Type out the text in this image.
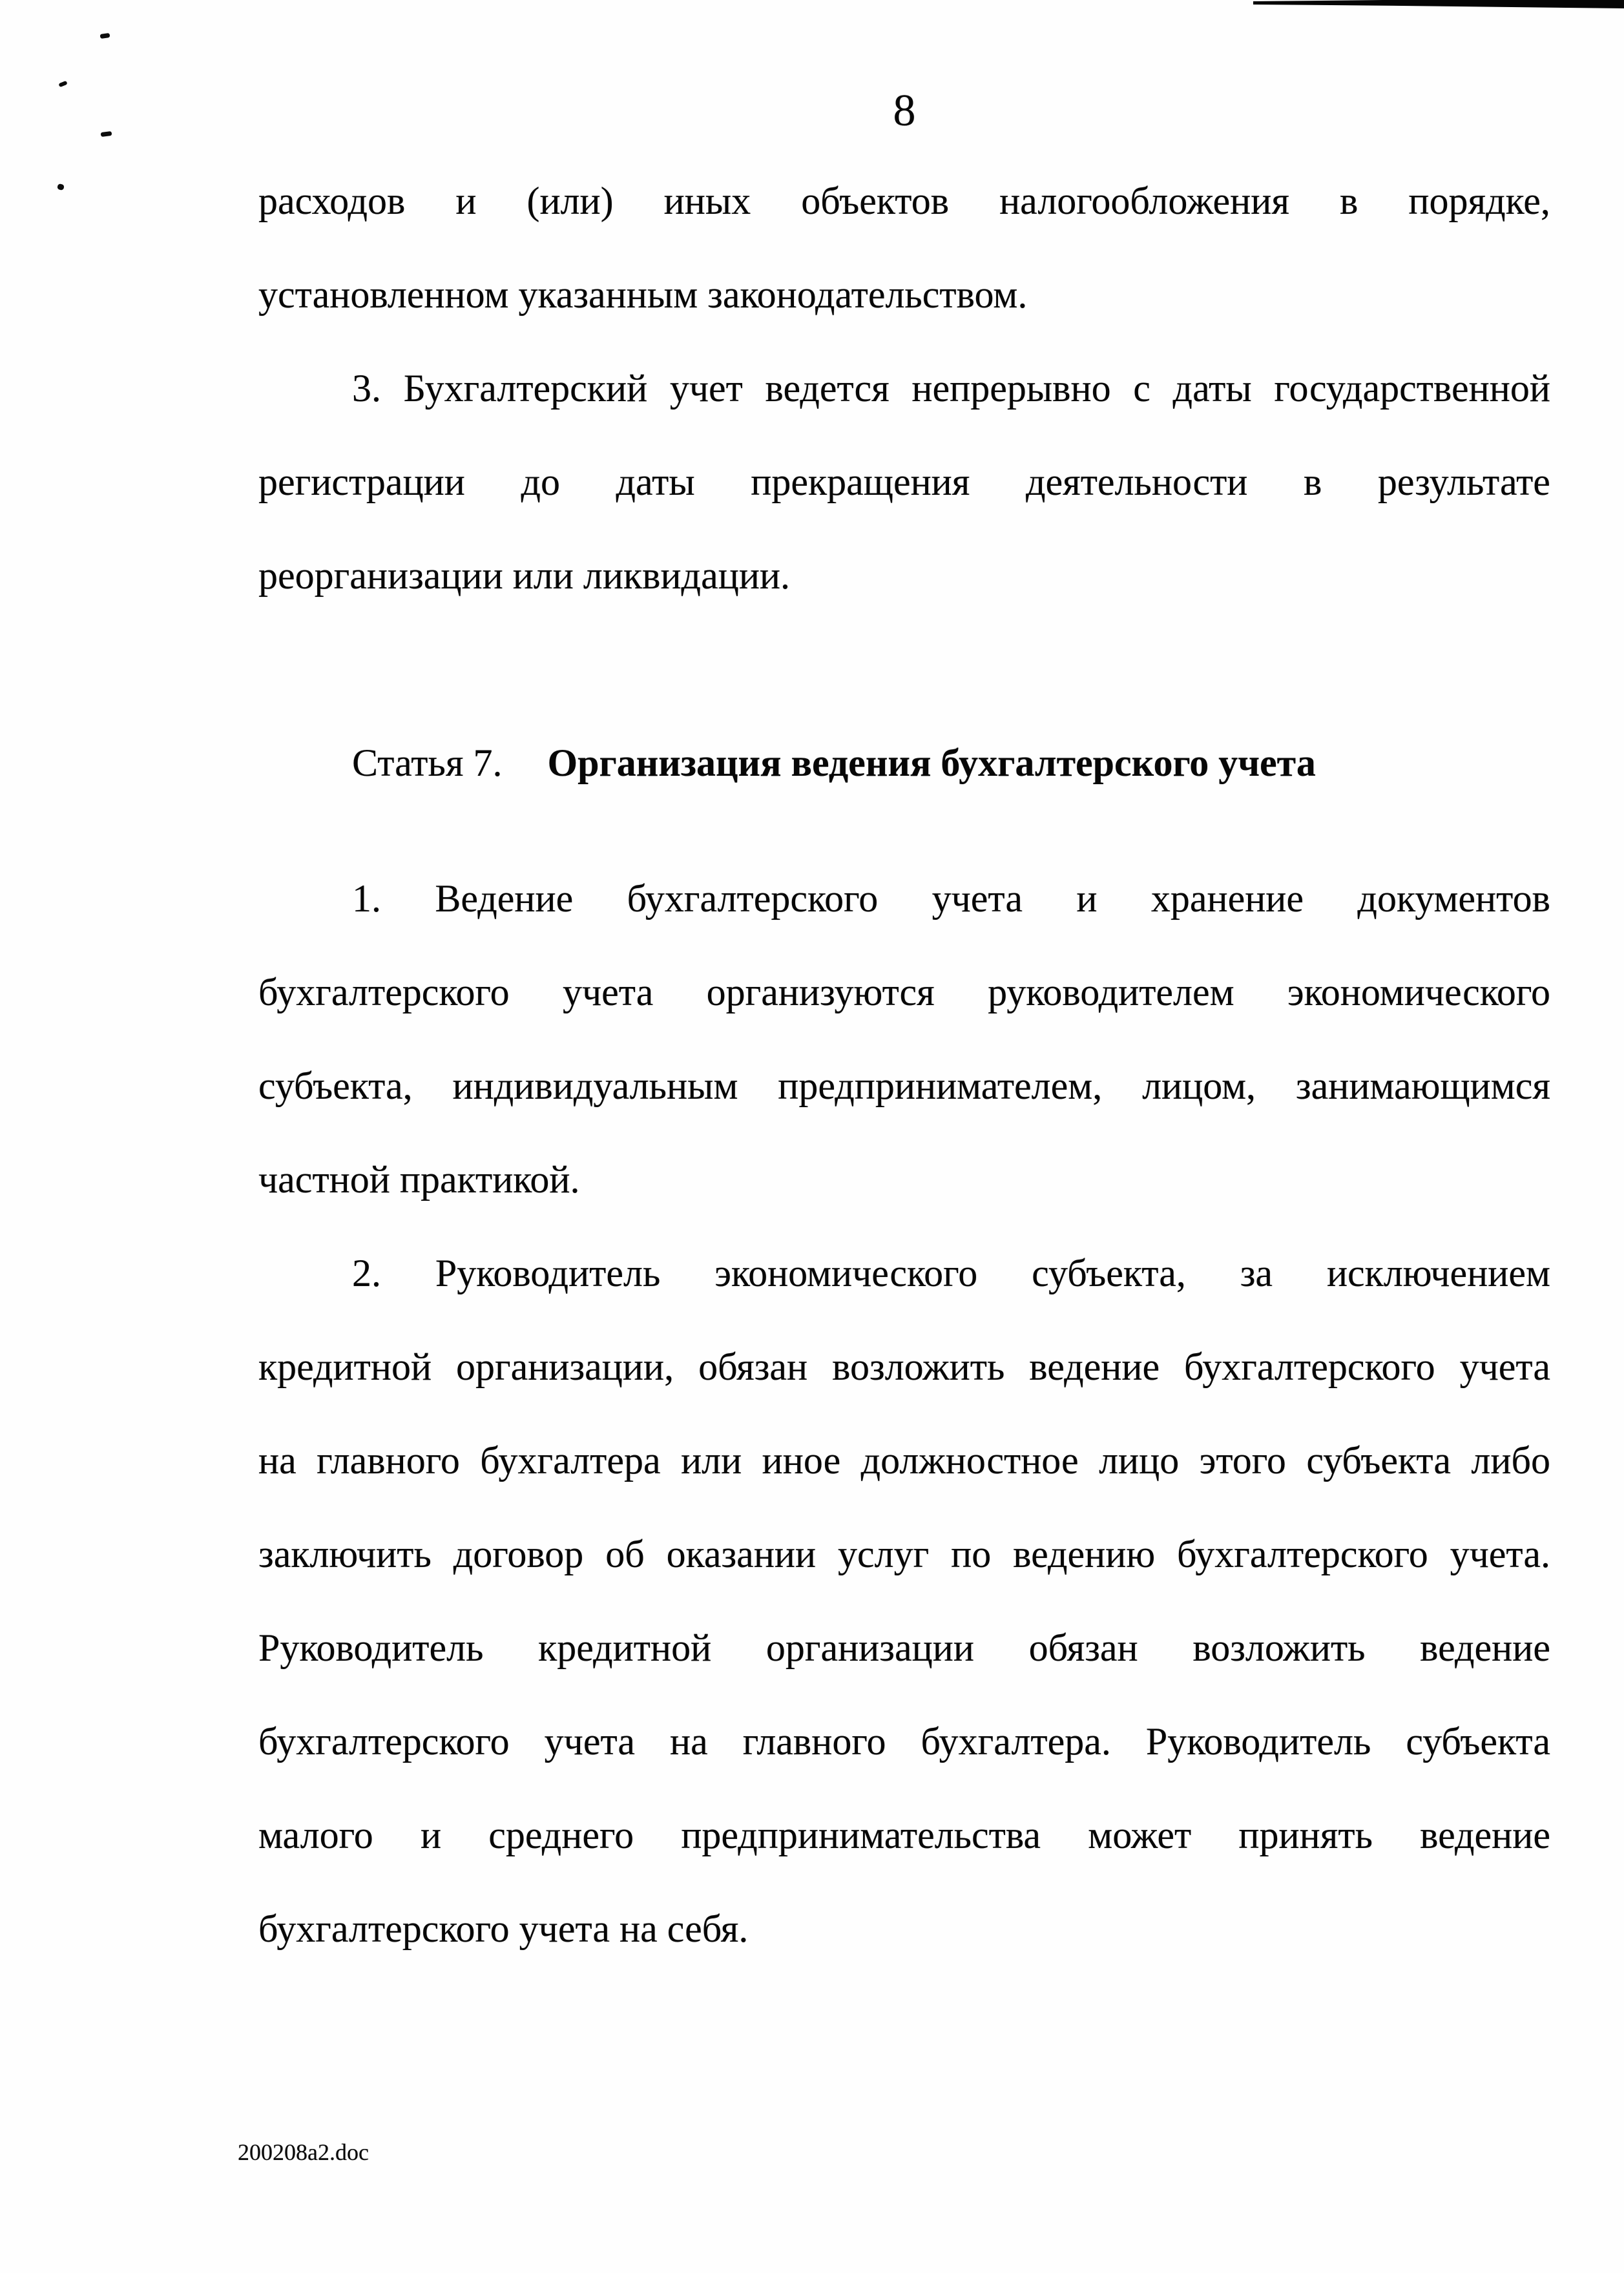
8
расходов и (или) иных объектов налогообложения в порядке,
установленном указанным законодательством.
3. Бухгалтерский учет ведется непрерывно с даты государственной
регистрации до даты прекращения деятельности в результате
реорганизации или ликвидации.
Статья 7. Организация ведения бухгалтерского учета
1. Ведение бухгалтерского учета и хранение документов
бухгалтерского учета организуются руководителем экономического
субъекта, индивидуальным предпринимателем, лицом, занимающимся
частной практикой.
2. Руководитель экономического субъекта, за исключением
кредитной организации, обязан возложить ведение бухгалтерского учета
на главного бухгалтера или иное должностное лицо этого субъекта либо
заключить договор об оказании услуг по ведению бухгалтерского учета.
Руководитель кредитной организации обязан возложить ведение
бухгалтерского учета на главного бухгалтера. Руководитель субъекта
малого и среднего предпринимательства может принять ведение
бухгалтерского учета на себя.
200208a2.doc
